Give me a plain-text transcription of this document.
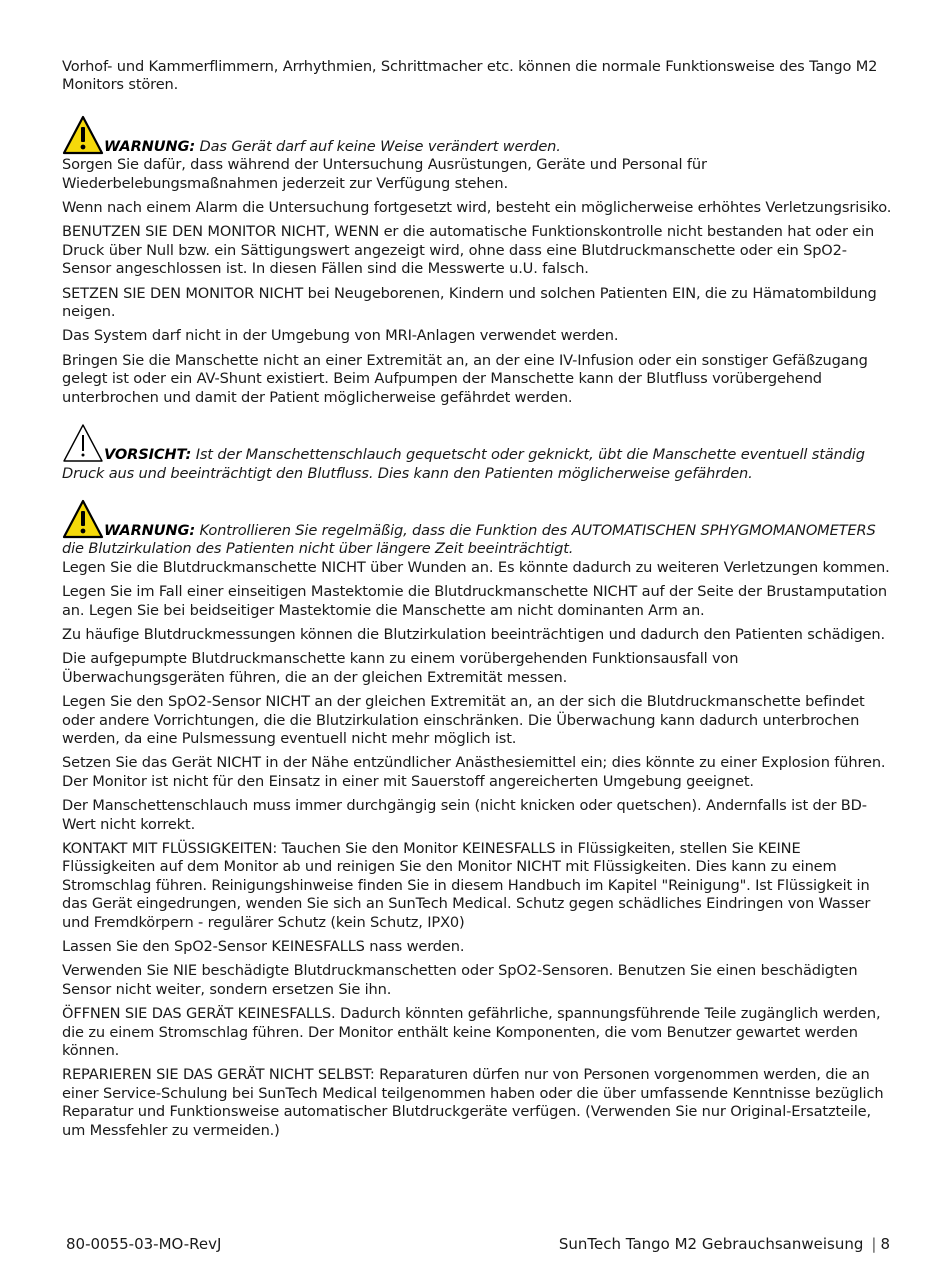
Vorhof- und Kammerflimmern, Arrhythmien, Schrittmacher etc. können die normale Funktionsweise des Tango M2 Monitors stören.

WARNUNG: Das Gerät darf auf keine Weise verändert werden.

Sorgen Sie dafür, dass während der Untersuchung Ausrüstungen, Geräte und Personal für Wiederbelebungsmaßnahmen jederzeit zur Verfügung stehen.

Wenn nach einem Alarm die Untersuchung fortgesetzt wird, besteht ein möglicherweise erhöhtes Verletzungsrisiko.

BENUTZEN SIE DEN MONITOR NICHT, WENN er die automatische Funktionskontrolle nicht bestanden hat oder ein Druck über Null bzw. ein Sättigungswert angezeigt wird, ohne dass eine Blutdruckmanschette oder ein SpO2-Sensor angeschlossen ist. In diesen Fällen sind die Messwerte u.U. falsch.

SETZEN SIE DEN MONITOR NICHT bei Neugeborenen, Kindern und solchen Patienten EIN, die zu Hämatombildung neigen.

Das System darf nicht in der Umgebung von MRI-Anlagen verwendet werden.

Bringen Sie die Manschette nicht an einer Extremität an, an der eine IV-Infusion oder ein sonstiger Gefäßzugang gelegt ist oder ein AV-Shunt existiert. Beim Aufpumpen der Manschette kann der Blutfluss vorübergehend unterbrochen und damit der Patient möglicherweise gefährdet werden.

VORSICHT: Ist der Manschettenschlauch gequetscht oder geknickt, übt die Manschette eventuell ständig Druck aus und beeinträchtigt den Blutfluss. Dies kann den Patienten möglicherweise gefährden.

WARNUNG: Kontrollieren Sie regelmäßig, dass die Funktion des AUTOMATISCHEN SPHYGMOMANOMETERS die Blutzirkulation des Patienten nicht über längere Zeit beeinträchtigt.

Legen Sie die Blutdruckmanschette NICHT über Wunden an. Es könnte dadurch zu weiteren Verletzungen kommen.

Legen Sie im Fall einer einseitigen Mastektomie die Blutdruckmanschette NICHT auf der Seite der Brustamputation an. Legen Sie bei beidseitiger Mastektomie die Manschette am nicht dominanten Arm an.

Zu häufige Blutdruckmessungen können die Blutzirkulation beeinträchtigen und dadurch den Patienten schädigen.

Die aufgepumpte Blutdruckmanschette kann zu einem vorübergehenden Funktionsausfall von Überwachungsgeräten führen, die an der gleichen Extremität messen.

Legen Sie den SpO2-Sensor NICHT an der gleichen Extremität an, an der sich die Blutdruckmanschette befindet oder andere Vorrichtungen, die die Blutzirkulation einschränken. Die Überwachung kann dadurch unterbrochen werden, da eine Pulsmessung eventuell nicht mehr möglich ist.

Setzen Sie das Gerät NICHT in der Nähe entzündlicher Anästhesiemittel ein; dies könnte zu einer Explosion führen. Der Monitor ist nicht für den Einsatz in einer mit Sauerstoff angereicherten Umgebung geeignet.

Der Manschettenschlauch muss immer durchgängig sein (nicht knicken oder quetschen). Andernfalls ist der BD-Wert nicht korrekt.

KONTAKT MIT FLÜSSIGKEITEN: Tauchen Sie den Monitor KEINESFALLS in Flüssigkeiten, stellen Sie KEINE Flüssigkeiten auf dem Monitor ab und reinigen Sie den Monitor NICHT mit Flüssigkeiten. Dies kann zu einem Stromschlag führen. Reinigungshinweise finden Sie in diesem Handbuch im Kapitel "Reinigung". Ist Flüssigkeit in das Gerät eingedrungen, wenden Sie sich an SunTech Medical. Schutz gegen schädliches Eindringen von Wasser und Fremdkörpern - regulärer Schutz (kein Schutz, IPX0)

Lassen Sie den SpO2-Sensor KEINESFALLS nass werden.

Verwenden Sie NIE beschädigte Blutdruckmanschetten oder SpO2-Sensoren. Benutzen Sie einen beschädigten Sensor nicht weiter, sondern ersetzen Sie ihn.

ÖFFNEN SIE DAS GERÄT KEINESFALLS. Dadurch könnten gefährliche, spannungsführende Teile zugänglich werden, die zu einem Stromschlag führen. Der Monitor enthält keine Komponenten, die vom Benutzer gewartet werden können.

REPARIEREN SIE DAS GERÄT NICHT SELBST: Reparaturen dürfen nur von Personen vorgenommen werden, die an einer Service-Schulung bei SunTech Medical teilgenommen haben oder die über umfassende Kenntnisse bezüglich Reparatur und Funktionsweise automatischer Blutdruckgeräte verfügen. (Verwenden Sie nur Original-Ersatzteile, um Messfehler zu vermeiden.)

80-0055-03-MO-RevJ	SunTech Tango M2 Gebrauchsanweisung | 8
